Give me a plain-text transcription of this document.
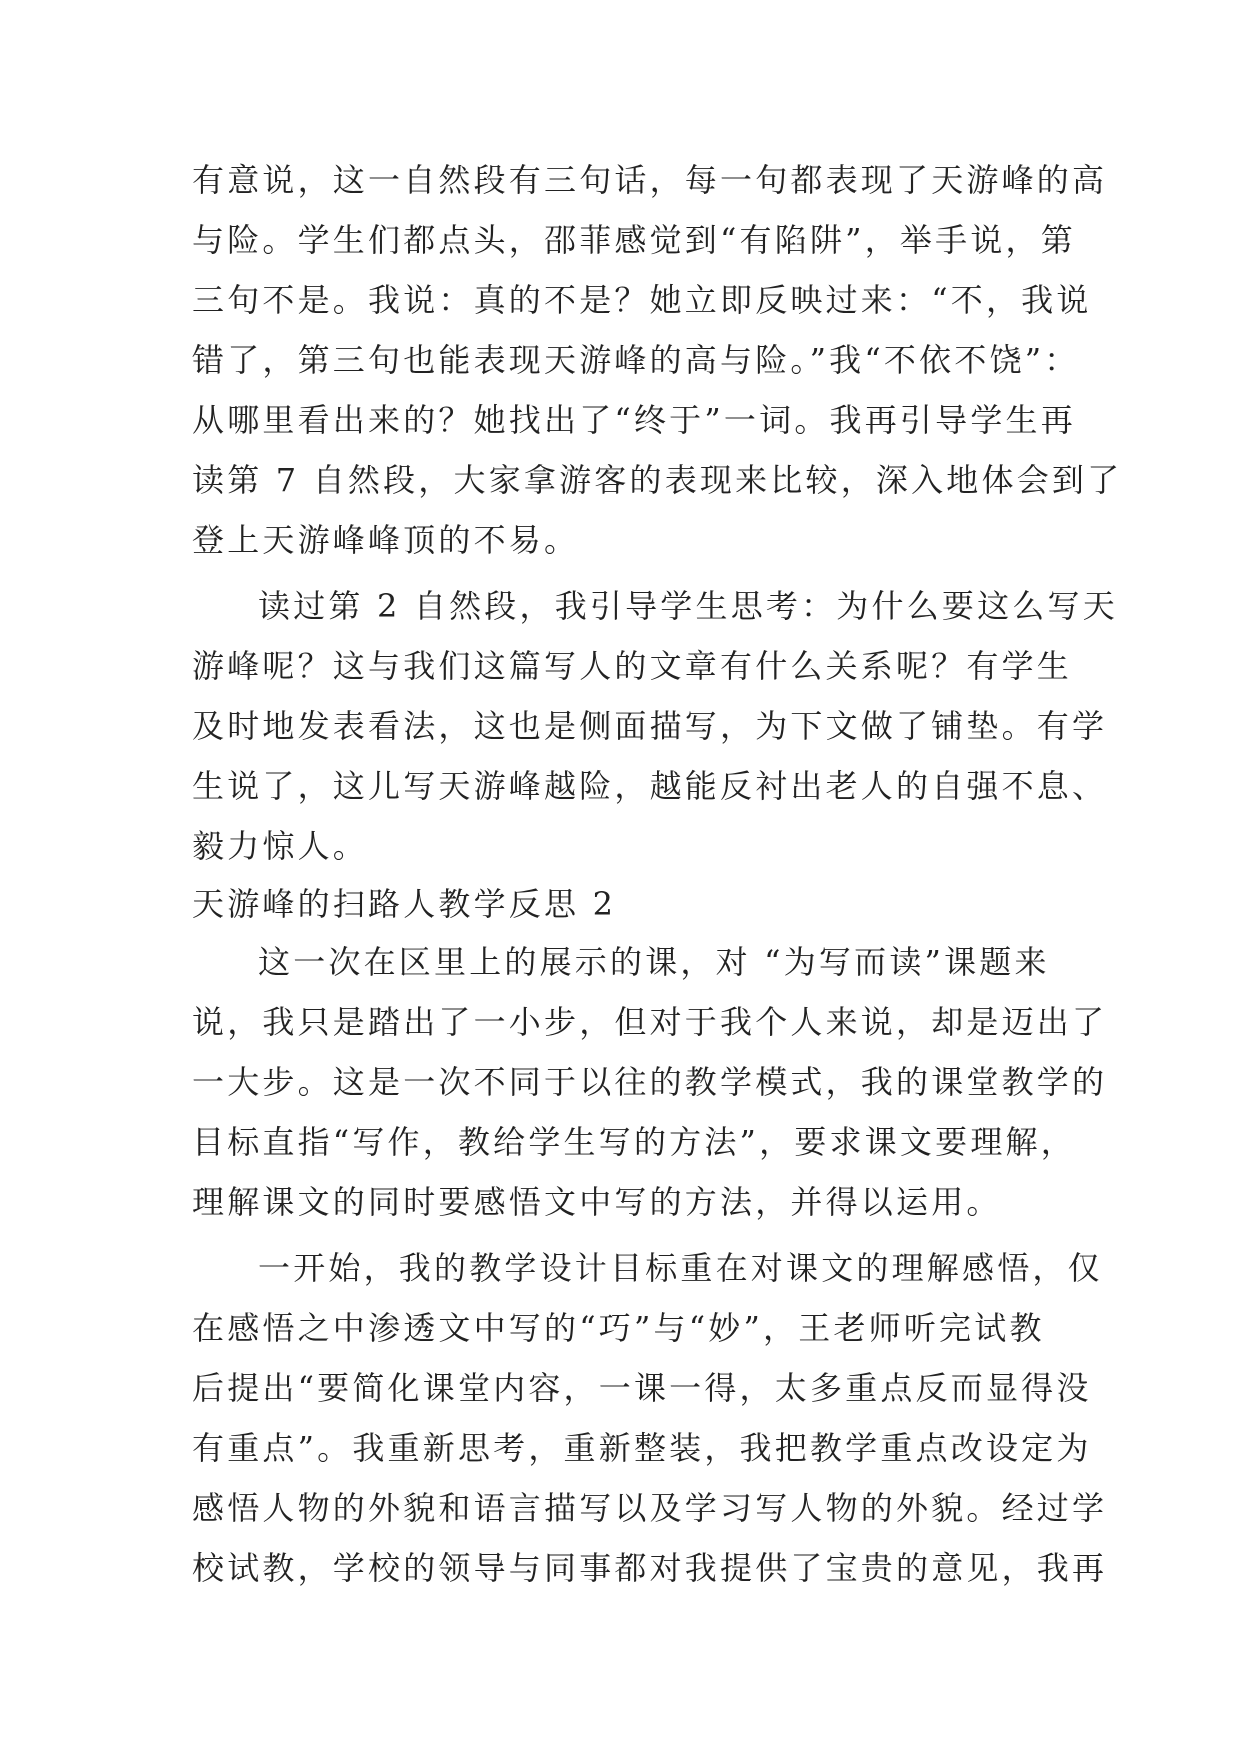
有意说，这一自然段有三句话，每一句都表现了天游峰的高
与险。学生们都点头，邵菲感觉到“有陷阱”，举手说，第
三句不是。我说：真的不是？她立即反映过来：“不，我说
错了，第三句也能表现天游峰的高与险。”我“不依不饶”：
从哪里看出来的？她找出了“终于”一词。我再引导学生再
读第 7 自然段，大家拿游客的表现来比较，深入地体会到了
登上天游峰峰顶的不易。
读过第 2 自然段，我引导学生思考：为什么要这么写天
游峰呢？这与我们这篇写人的文章有什么关系呢？有学生
及时地发表看法，这也是侧面描写，为下文做了铺垫。有学
生说了，这儿写天游峰越险，越能反衬出老人的自强不息、
毅力惊人。
天游峰的扫路人教学反思 2
这一次在区里上的展示的课，对 “为写而读”课题来
说，我只是踏出了一小步，但对于我个人来说，却是迈出了
一大步。这是一次不同于以往的教学模式，我的课堂教学的
目标直指“写作，教给学生写的方法”，要求课文要理解，
理解课文的同时要感悟文中写的方法，并得以运用。
一开始，我的教学设计目标重在对课文的理解感悟，仅
在感悟之中渗透文中写的“巧”与“妙”，王老师听完试教
后提出“要简化课堂内容，一课一得，太多重点反而显得没
有重点”。我重新思考，重新整装，我把教学重点改设定为
感悟人物的外貌和语言描写以及学习写人物的外貌。经过学
校试教，学校的领导与同事都对我提供了宝贵的意见，我再
